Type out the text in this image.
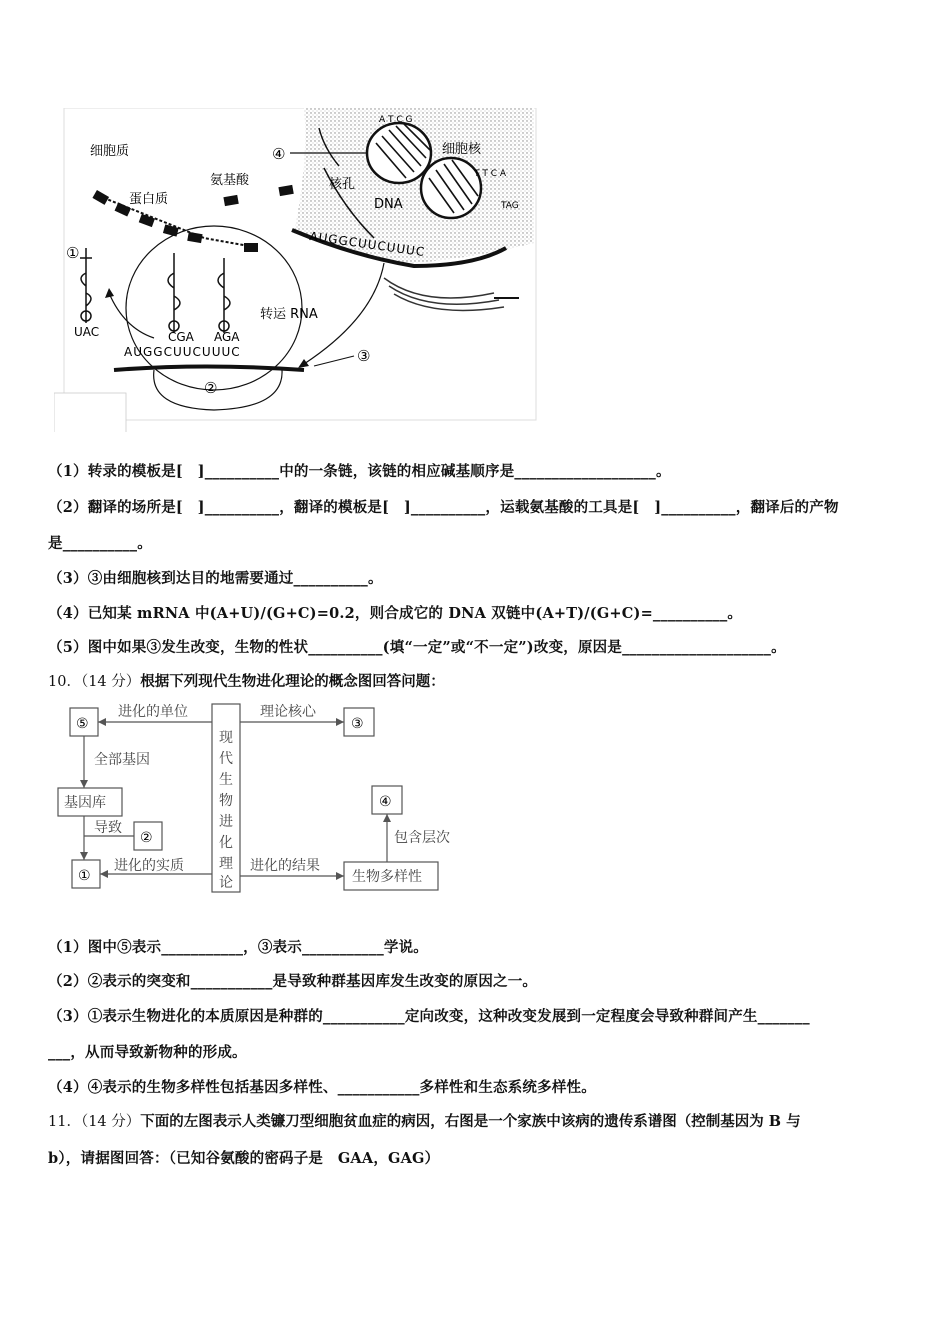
A T C G
T T C A
TAG
细胞质	细胞核
蛋白质
氨基酸	核孔
DNA
④
①
UAC	CGA AGA
转运 RNA
AUGGCUUCUUUC
AUGGCUUCUUUC
②
③
（1）转录的模板是[　]__________中的一条链，该链的相应碱基顺序是___________________。
（2）翻译的场所是[　]__________，翻译的模板是[　]__________，运载氨基酸的工具是[　]__________，翻译后的产物
是__________。
（3）③由细胞核到达目的地需要通过__________。
（4）已知某 mRNA 中(A+U)/(G+C)=0.2，则合成它的 DNA 双链中(A+T)/(G+C)=__________。
（5）图中如果③发生改变，生物的性状__________(填“一定”或“不一定”)改变，原因是____________________。
10．（14 分）根据下列现代生物进化理论的概念图回答问题：
⑤	③
④
②
①
基因库
生物多样性
现
代
生
物
进
化
理
论
现代生物进化理论
进化的单位	理论核心
全部基因
导致
进化的实质	进化的结果
包含层次
（1）图中⑤表示___________，③表示___________学说。
（2）②表示的突变和___________是导致种群基因库发生改变的原因之一。
（3）①表示生物进化的本质原因是种群的___________定向改变，这种改变发展到一定程度会导致种群间产生_______
___，从而导致新物种的形成。
（4）④表示的生物多样性包括基因多样性、___________多样性和生态系统多样性。
11．（14 分）下面的左图表示人类镰刀型细胞贫血症的病因，右图是一个家族中该病的遗传系谱图（控制基因为 B 与
b），请据图回答：（已知谷氨酸的密码子是　GAA，GAG）
